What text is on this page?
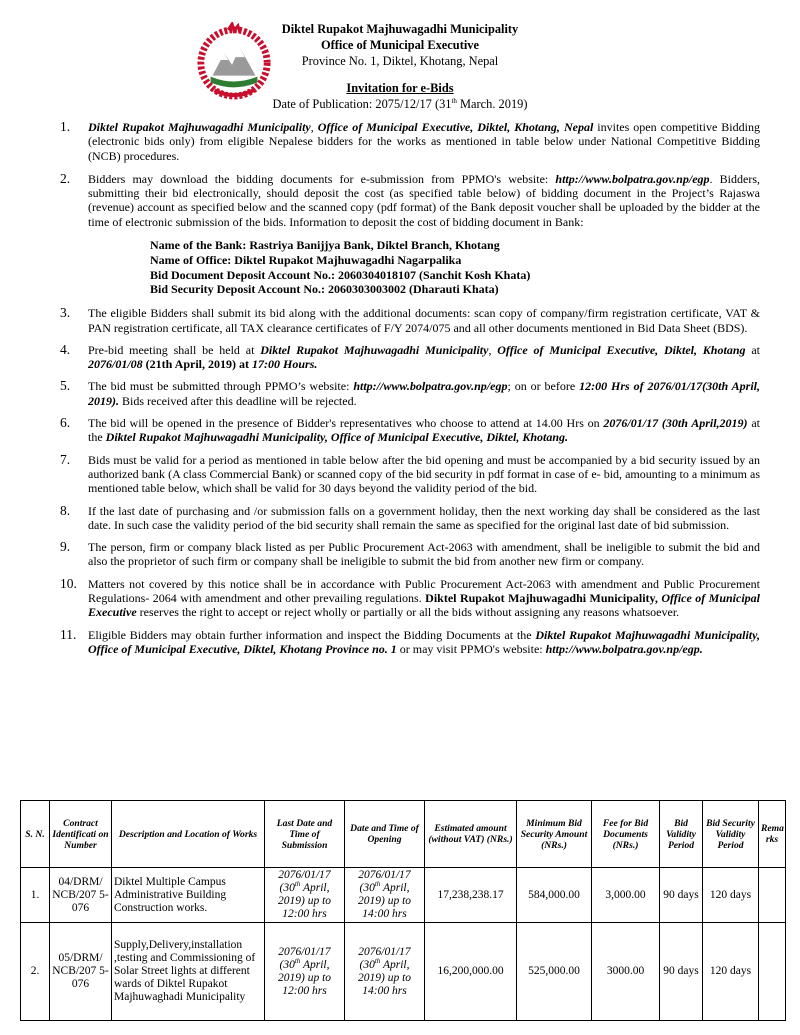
Diktel Rupakot Majhuwagadhi Municipality
Office of Municipal Executive
Province No. 1, Diktel, Khotang, Nepal
Invitation for e-Bids
Date of Publication: 2075/12/17 (31th March. 2019)
1. Diktel Rupakot Majhuwagadhi Municipality, Office of Municipal Executive, Diktel, Khotang, Nepal invites open competitive Bidding (electronic bids only) from eligible Nepalese bidders for the works as mentioned in table below under National Competitive Bidding (NCB) procedures.
2. Bidders may download the bidding documents for e-submission from PPMO's website: http://www.bolpatra.gov.np/egp. Bidders, submitting their bid electronically, should deposit the cost (as specified table below) of bidding document in the Project’s Rajaswa (revenue) account as specified below and the scanned copy (pdf format) of the Bank deposit voucher shall be uploaded by the bidder at the time of electronic submission of the bids. Information to deposit the cost of bidding document in Bank:
Name of the Bank: Rastriya Banijjya Bank, Diktel Branch, Khotang
Name of Office: Diktel Rupakot Majhuwagadhi Nagarpalika
Bid Document Deposit Account No.: 2060304018107 (Sanchit Kosh Khata)
Bid Security Deposit Account No.: 2060303003002 (Dharauti Khata)
3. The eligible Bidders shall submit its bid along with the additional documents: scan copy of company/firm registration certificate, VAT & PAN registration certificate, all TAX clearance certificates of F/Y 2074/075 and all other documents mentioned in Bid Data Sheet (BDS).
4. Pre-bid meeting shall be held at Diktel Rupakot Majhuwagadhi Municipality, Office of Municipal Executive, Diktel, Khotang at 2076/01/08 (21th April, 2019) at 17:00 Hours.
5. The bid must be submitted through PPMO’s website: http://www.bolpatra.gov.np/egp; on or before 12:00 Hrs of 2076/01/17(30th April, 2019). Bids received after this deadline will be rejected.
6. The bid will be opened in the presence of Bidder's representatives who choose to attend at 14.00 Hrs on 2076/01/17 (30th April,2019) at the Diktel Rupakot Majhuwagadhi Municipality, Office of Municipal Executive, Diktel, Khotang.
7. Bids must be valid for a period as mentioned in table below after the bid opening and must be accompanied by a bid security issued by an authorized bank (A class Commercial Bank) or scanned copy of the bid security in pdf format in case of e- bid, amounting to a minimum as mentioned table below, which shall be valid for 30 days beyond the validity period of the bid.
8. If the last date of purchasing and /or submission falls on a government holiday, then the next working day shall be considered as the last date. In such case the validity period of the bid security shall remain the same as specified for the original last date of bid submission.
9. The person, firm or company black listed as per Public Procurement Act-2063 with amendment, shall be ineligible to submit the bid and also the proprietor of such firm or company shall be ineligible to submit the bid from another new firm or company.
10. Matters not covered by this notice shall be in accordance with Public Procurement Act-2063 with amendment and Public Procurement Regulations- 2064 with amendment and other prevailing regulations. Diktel Rupakot Majhuwagadhi Municipality, Office of Municipal Executive reserves the right to accept or reject wholly or partially or all the bids without assigning any reasons whatsoever.
11. Eligible Bidders may obtain further information and inspect the Bidding Documents at the Diktel Rupakot Majhuwagadhi Municipality, Office of Municipal Executive, Diktel, Khotang Province no. 1 or may visit PPMO's website: http://www.bolpatra.gov.np/egp.
S. N.	Contract Identificati on Number	Description and Location of Works	Last Date and Time of Submission	Date and Time of Opening	Estimated amount (without VAT) (NRs.)	Minimum Bid Security Amount (NRs.)	Fee for Bid Documents (NRs.)	Bid Validity Period	Bid Security Validity Period	Rema rks
1.	04/DRM/ NCB/207 5-076	Diktel Multiple Campus Administrative Building Construction works.	2076/01/17 (30th April, 2019) up to 12:00 hrs	2076/01/17 (30th April, 2019) up to 14:00 hrs	17,238,238.17	584,000.00	3,000.00	90 days	120 days	
2.	05/DRM/ NCB/207 5-076	Supply,Delivery,installation ,testing and Commissioning of Solar Street lights at different wards of Diktel Rupakot Majhuwaghadi Municipality	2076/01/17 (30th April, 2019) up to 12:00 hrs	2076/01/17 (30th April, 2019) up to 14:00 hrs	16,200,000.00	525,000.00	3000.00	90 days	120 days	
